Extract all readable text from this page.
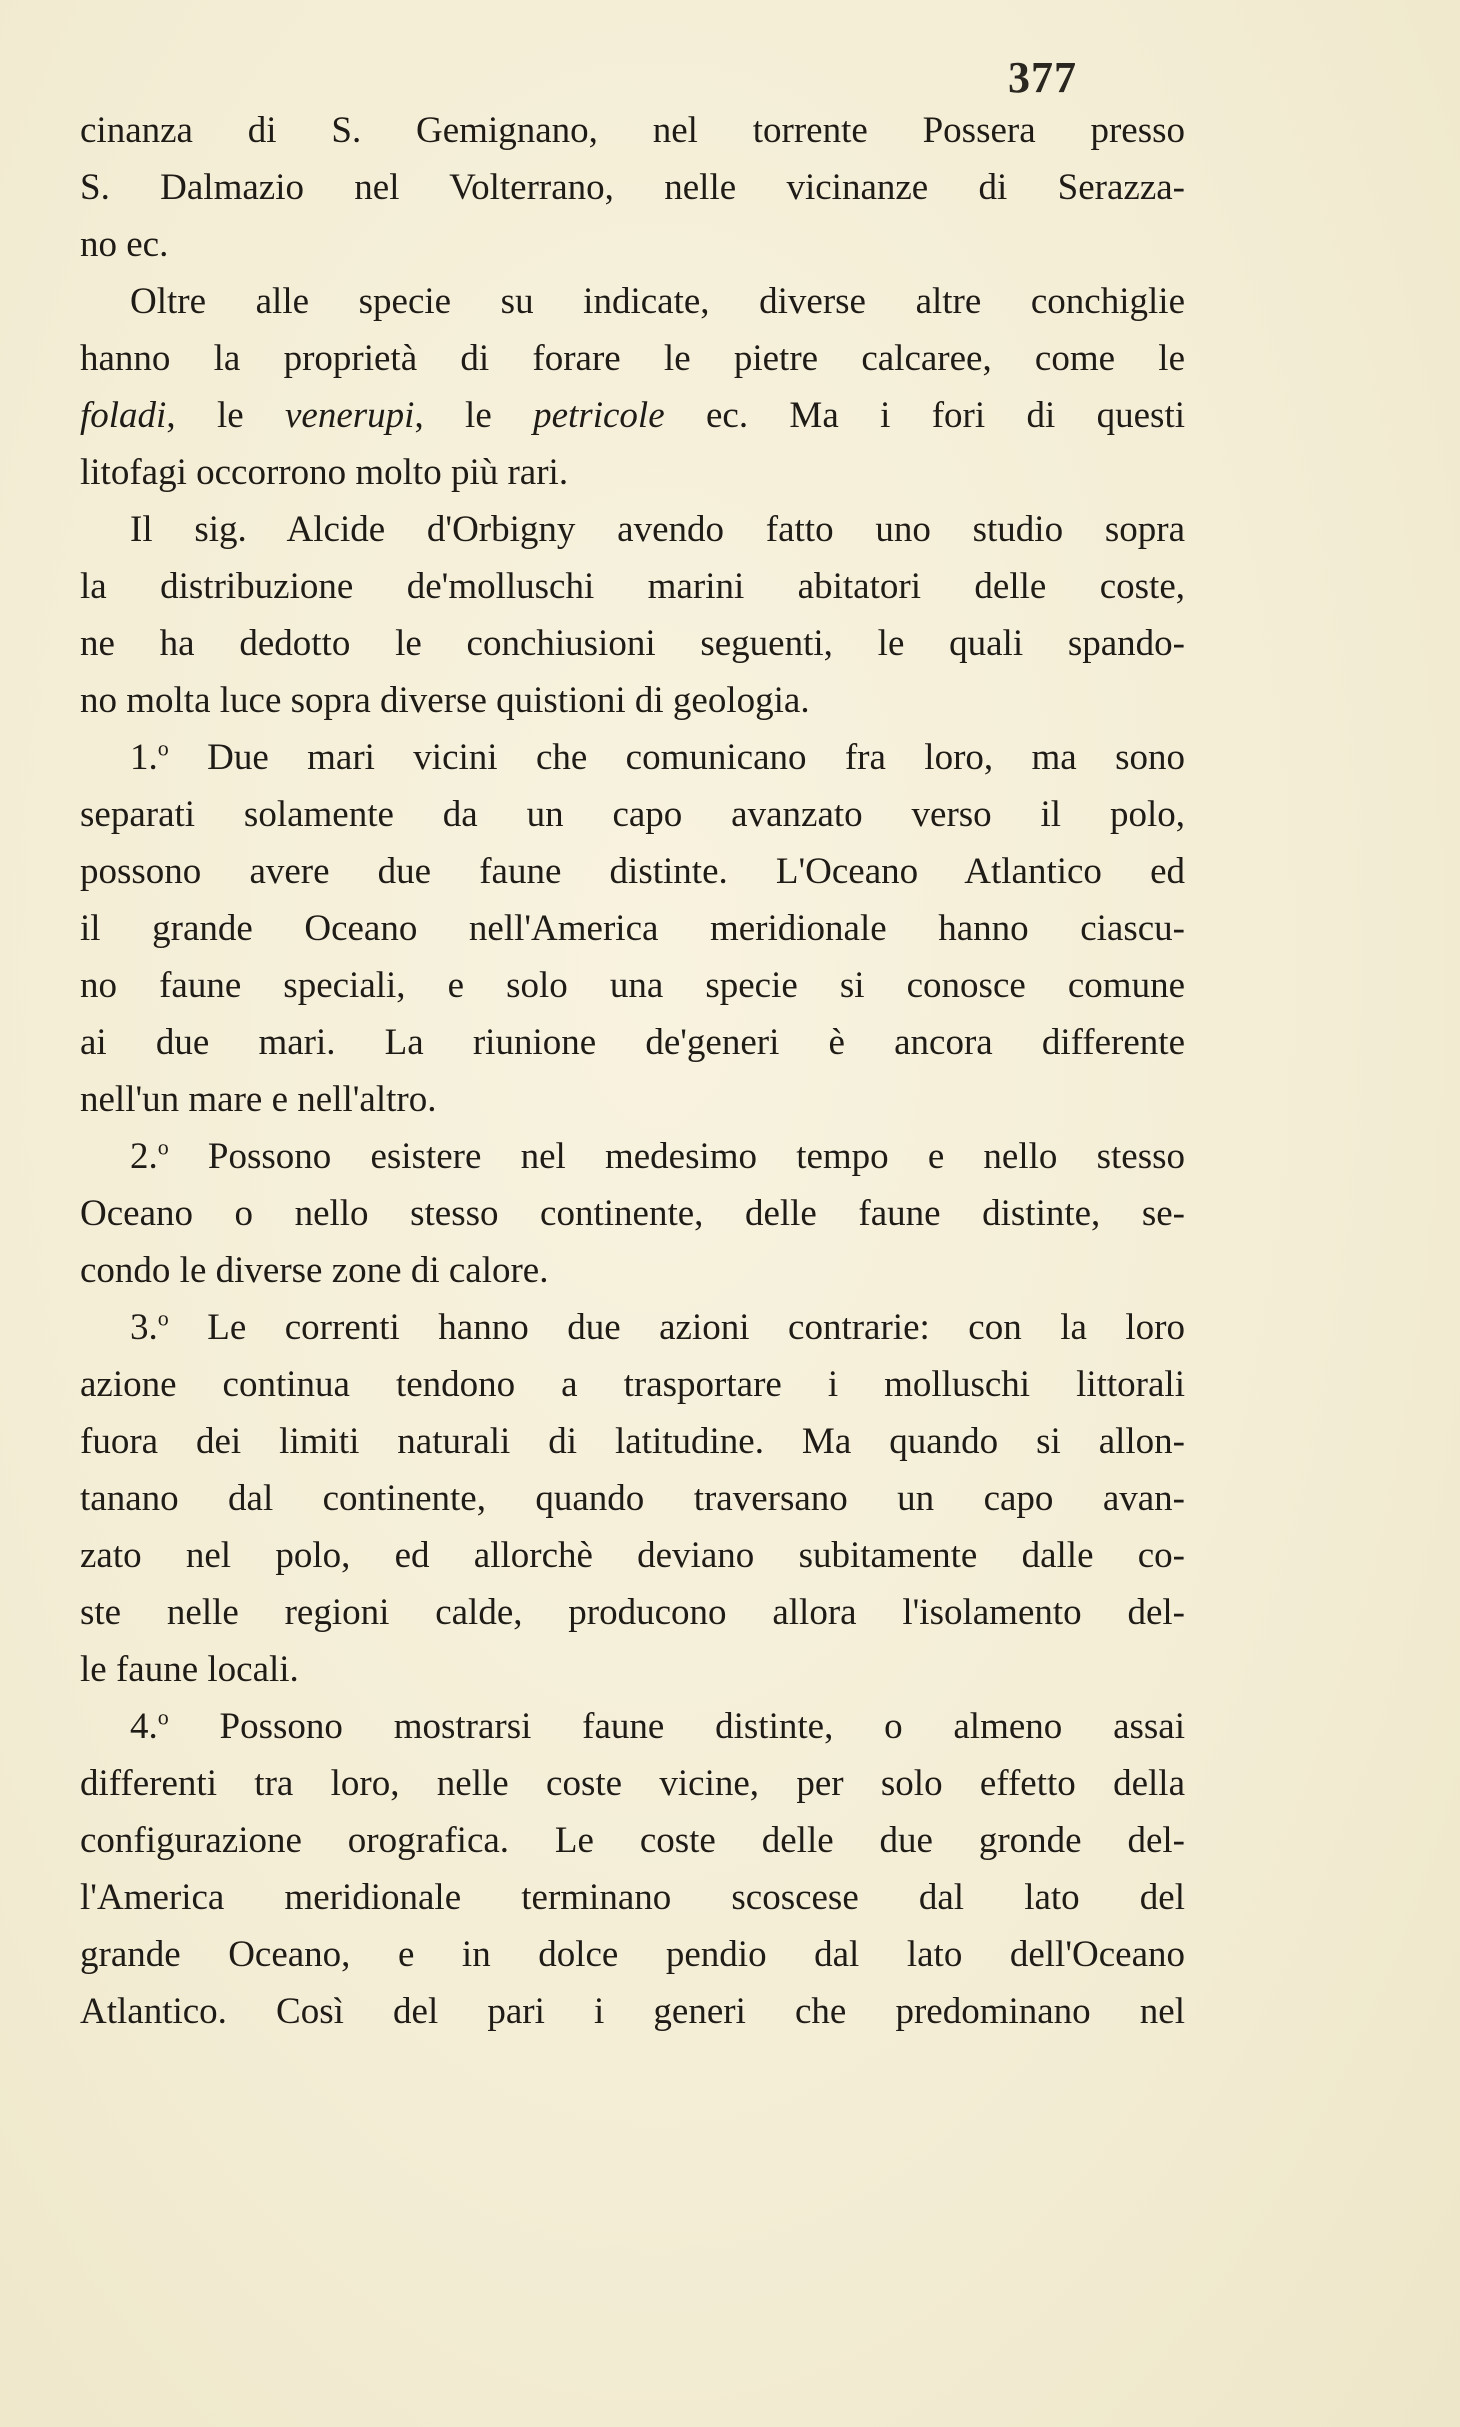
377
cinanza di S. Gemignano, nel torrente Possera presso
S. Dalmazio nel Volterrano, nelle vicinanze di Serazza-
no ec.
Oltre alle specie su indicate, diverse altre conchiglie
hanno la proprietà di forare le pietre calcaree, come le
foladi, le venerupi, le petricole ec. Ma i fori di questi
litofagi occorrono molto più rari.
Il sig. Alcide d'Orbigny avendo fatto uno studio sopra
la distribuzione de'molluschi marini abitatori delle coste,
ne ha dedotto le conchiusioni seguenti, le quali spando-
no molta luce sopra diverse quistioni di geologia.
1.$^o$ Due mari vicini che comunicano fra loro, ma sono
separati solamente da un capo avanzato verso il polo,
possono avere due faune distinte. L'Oceano Atlantico ed
il grande Oceano nell'America meridionale hanno ciascu-
no faune speciali, e solo una specie si conosce comune
ai due mari. La riunione de'generi è ancora differente
nell'un mare e nell'altro.
2.$^o$ Possono esistere nel medesimo tempo e nello stesso
Oceano o nello stesso continente, delle faune distinte, se-
condo le diverse zone di calore.
3.$^o$ Le correnti hanno due azioni contrarie: con la loro
azione continua tendono a trasportare i molluschi littorali
fuora dei limiti naturali di latitudine. Ma quando si allon-
tanano dal continente, quando traversano un capo avan-
zato nel polo, ed allorchè deviano subitamente dalle co-
ste nelle regioni calde, producono allora l'isolamento del-
le faune locali.
4.$^o$ Possono mostrarsi faune distinte, o almeno assai
differenti tra loro, nelle coste vicine, per solo effetto della
configurazione orografica. Le coste delle due gronde del-
l'America meridionale terminano scoscese dal lato del
grande Oceano, e in dolce pendio dal lato dell'Oceano
Atlantico. Così del pari i generi che predominano nel
